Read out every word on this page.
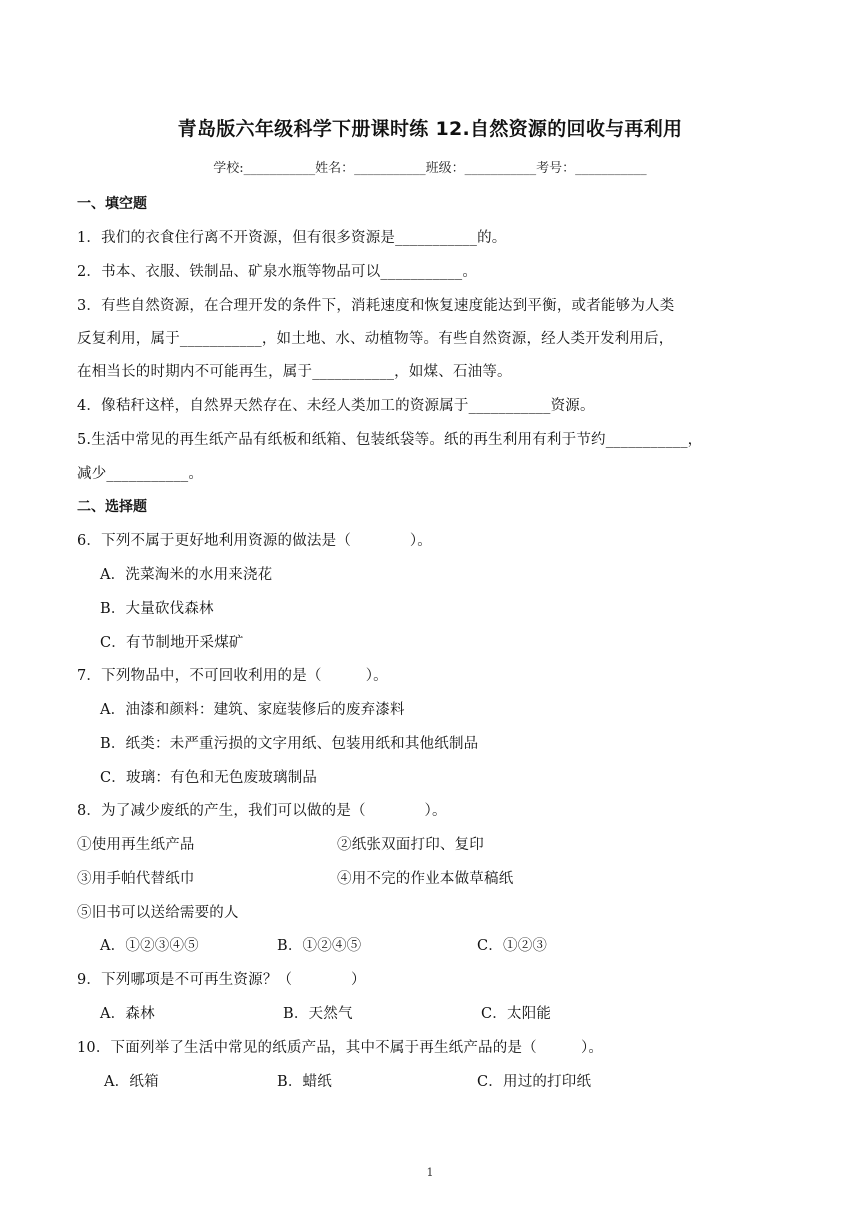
青岛版六年级科学下册课时练 12.自然资源的回收与再利用
学校:___________姓名：___________班级：___________考号：___________
一、填空题
1．我们的衣食住行离不开资源，但有很多资源是___________的。
2．书本、衣服、铁制品、矿泉水瓶等物品可以___________。
3．有些自然资源，在合理开发的条件下，消耗速度和恢复速度能达到平衡，或者能够为人类
反复利用，属于___________，如土地、水、动植物等。有些自然资源，经人类开发利用后，
在相当长的时期内不可能再生，属于___________，如煤、石油等。
4．像秸秆这样，自然界天然存在、未经人类加工的资源属于___________资源。
5.生活中常见的再生纸产品有纸板和纸箱、包装纸袋等。纸的再生利用有利于节约___________，
减少___________。
二、选择题
6．下列不属于更好地利用资源的做法是（　　　　）。
A．洗菜淘米的水用来浇花
B．大量砍伐森林
C．有节制地开采煤矿
7．下列物品中，不可回收利用的是（　　　）。
A．油漆和颜料：建筑、家庭装修后的废弃漆料
B．纸类：未严重污损的文字用纸、包装用纸和其他纸制品
C．玻璃：有色和无色废玻璃制品
8．为了减少废纸的产生，我们可以做的是（　　　　）。
①使用再生纸产品	②纸张双面打印、复印
③用手帕代替纸巾	④用不完的作业本做草稿纸
⑤旧书可以送给需要的人
A．①②③④⑤	B．①②④⑤	C．①②③
9．下列哪项是不可再生资源？（　　　　）
A．森林	B．天然气	C．太阳能
10．下面列举了生活中常见的纸质产品，其中不属于再生纸产品的是（　　　）。
A．纸箱	B．蜡纸	C．用过的打印纸
1
